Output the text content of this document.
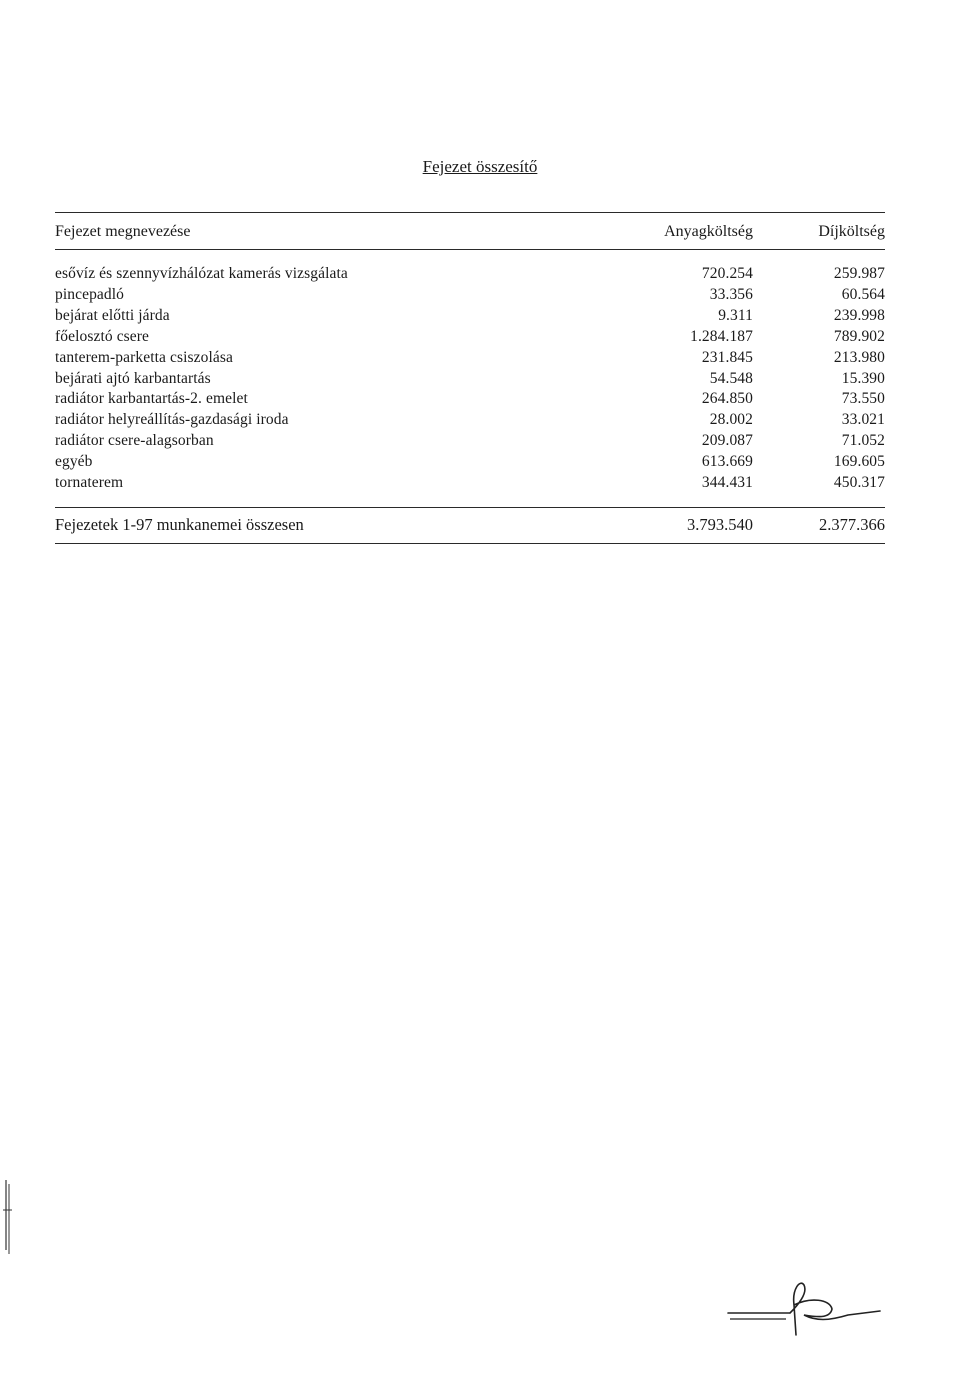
Fejezet összesítő
Fejezet megnevezése	Anyagköltség	Díjköltség
esővíz és szennyvízhálózat kamerás vizsgálata	720.254	259.987
pincepadló	33.356	60.564
bejárat előtti járda	9.311	239.998
főelosztó csere	1.284.187	789.902
tanterem-parketta csiszolása	231.845	213.980
bejárati ajtó karbantartás	54.548	15.390
radiátor karbantartás-2. emelet	264.850	73.550
radiátor helyreállítás-gazdasági iroda	28.002	33.021
radiátor csere-alagsorban	209.087	71.052
egyéb	613.669	169.605
tornaterem	344.431	450.317
Fejezetek 1-97 munkanemei összesen	3.793.540	2.377.366
